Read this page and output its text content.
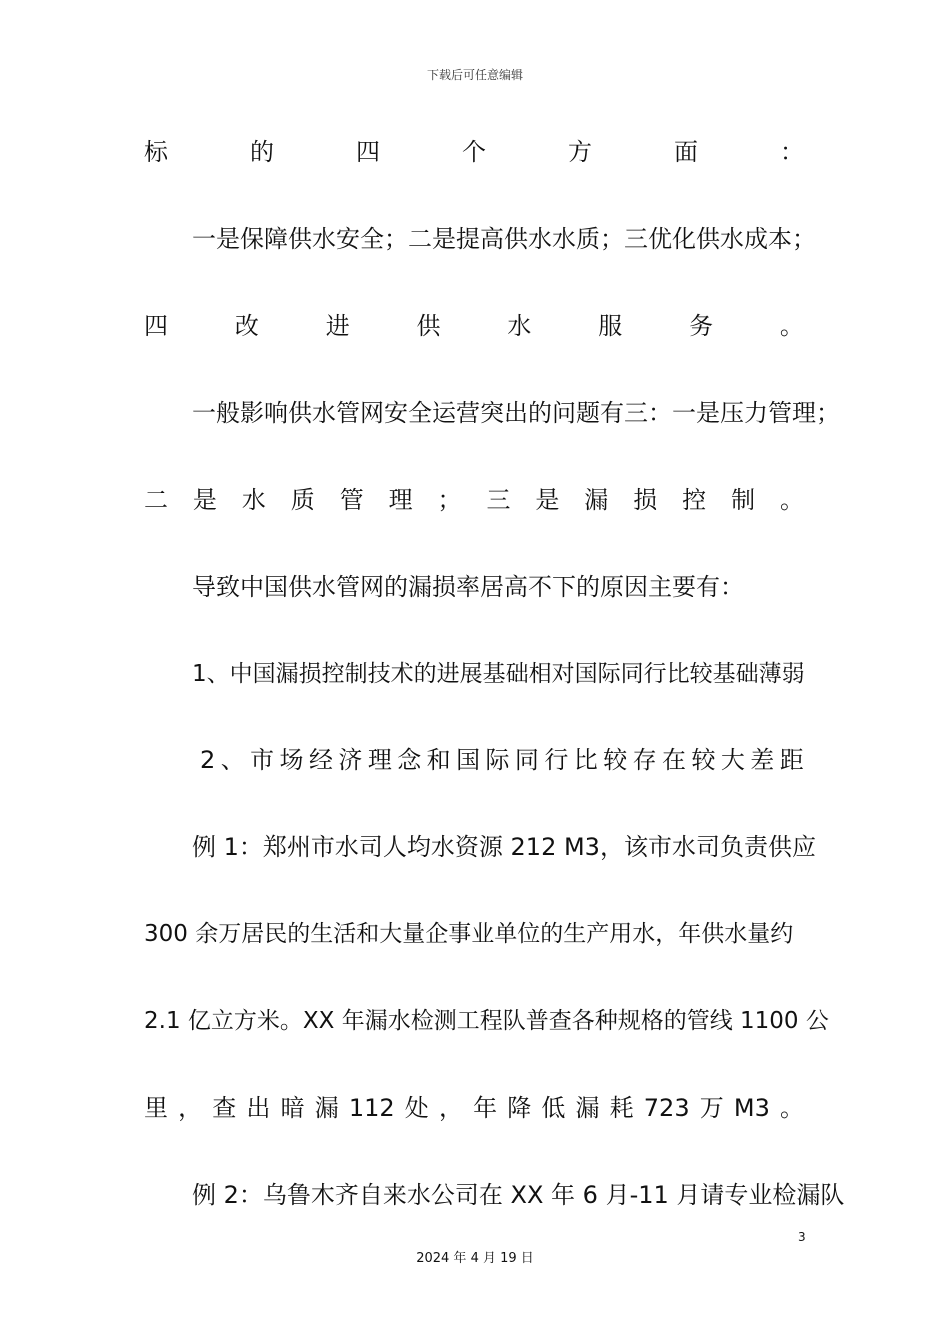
下载后可任意编辑
标	的	四	个	方	面	：
一是保障供水安全；二是提高供水水质；三优化供水成本；
四	改	进	供	水	服	务	。
一般影响供水管网安全运营突出的问题有三：一是压力管理；
二 是 水 质 管 理 ； 三 是 漏 损 控 制 。
导致中国供水管网的漏损率居高不下的原因主要有：
1、中国漏损控制技术的进展基础相对国际同行比较基础薄弱
2 、 市 场 经 济 理 念 和 国 际 同 行 比 较 存 在 较 大 差 距
例 1：郑州市水司人均水资源 212 M3，该市水司负责供应
300 余万居民的生活和大量企事业单位的生产用水，年供水量约
2.1 亿立方米。XX 年漏水检测工程队普查各种规格的管线 1100 公
里 ， 查 出 暗 漏 112 处 ， 年 降 低 漏 耗 723 万 M3 。
例 2：乌鲁木齐自来水公司在 XX 年 6 月-11 月请专业检漏队
3
2024 年 4 月 19 日
